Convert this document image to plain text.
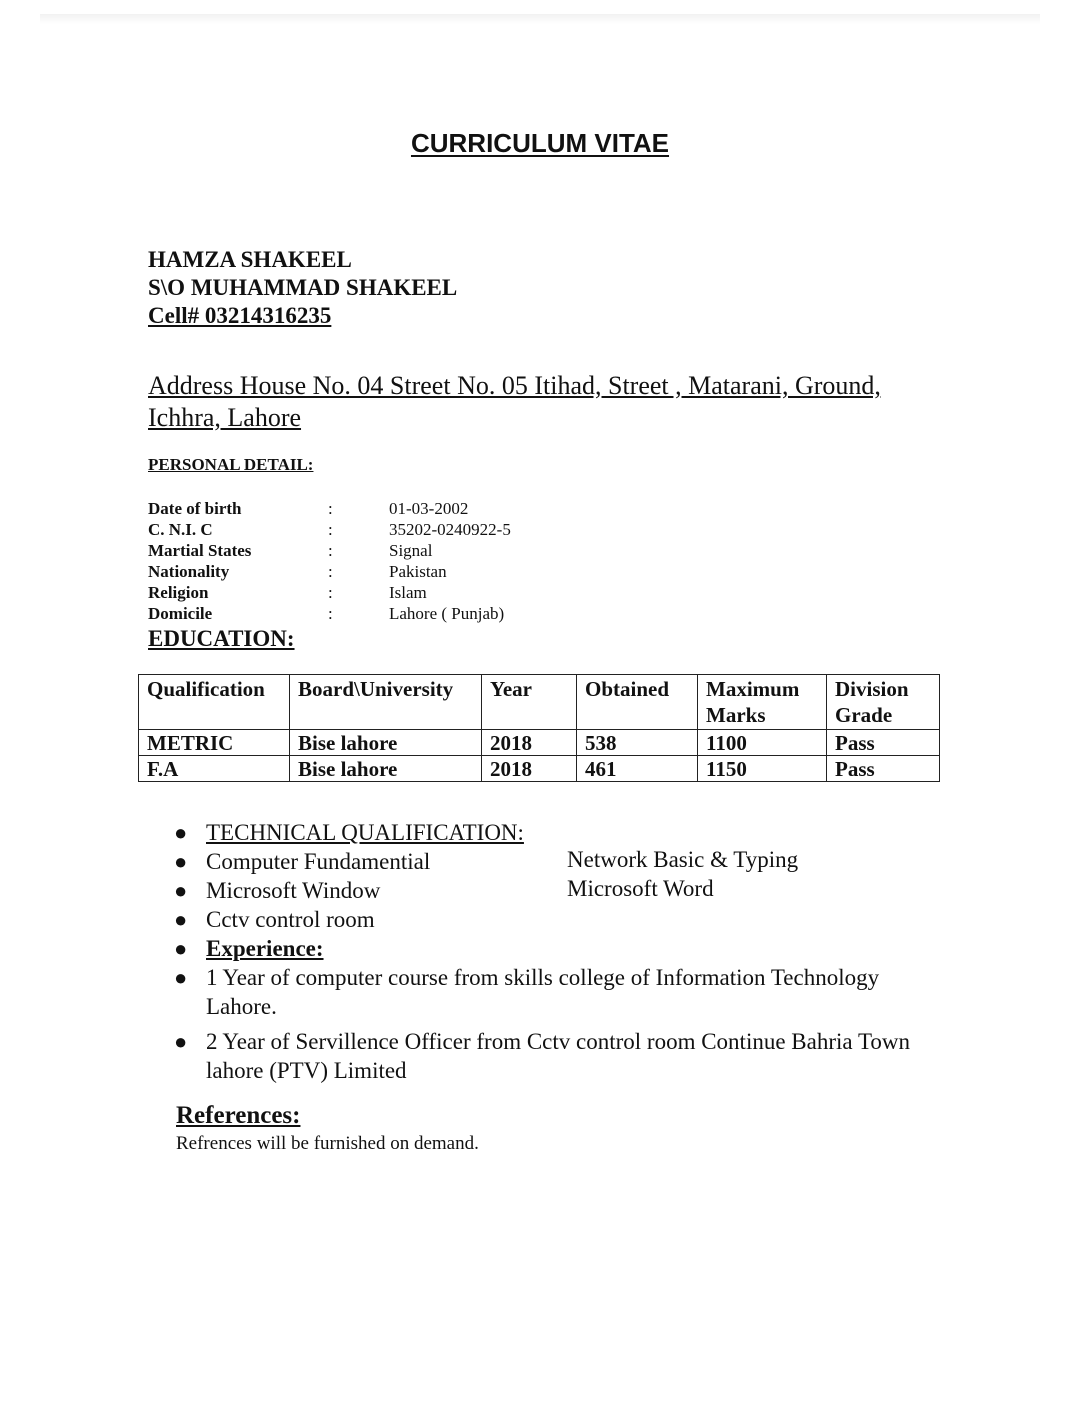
CURRICULUM VITAE
HAMZA SHAKEEL
S\O MUHAMMAD SHAKEEL
Cell# 03214316235
Address House No. 04 Street No. 05 Itihad, Street , Matarani, Ground, Ichhra, Lahore
PERSONAL DETAIL:
Date of birth	:	01-03-2002
C. N.I. C	:	35202-0240922-5
Martial States	:	Signal
Nationality	:	Pakistan
Religion	:	Islam
Domicile	:	Lahore ( Punjab)
EDUCATION:
Qualification	Board\University	Year	Obtained	Maximum Marks	Division Grade
METRIC	Bise lahore	2018	538	1100	Pass
F.A	Bise lahore	2018	461	1150	Pass
● TECHNICAL QUALIFICATION:
● Computer Fundamential
● Microsoft Window
● Cctv control room
● Experience:
● 1 Year of computer course from skills college of Information Technology Lahore.
● 2 Year of Servillence Officer from Cctv control room Continue Bahria Town lahore (PTV) Limited
Network Basic & Typing
Microsoft Word
References:
Refrences will be furnished on demand.
